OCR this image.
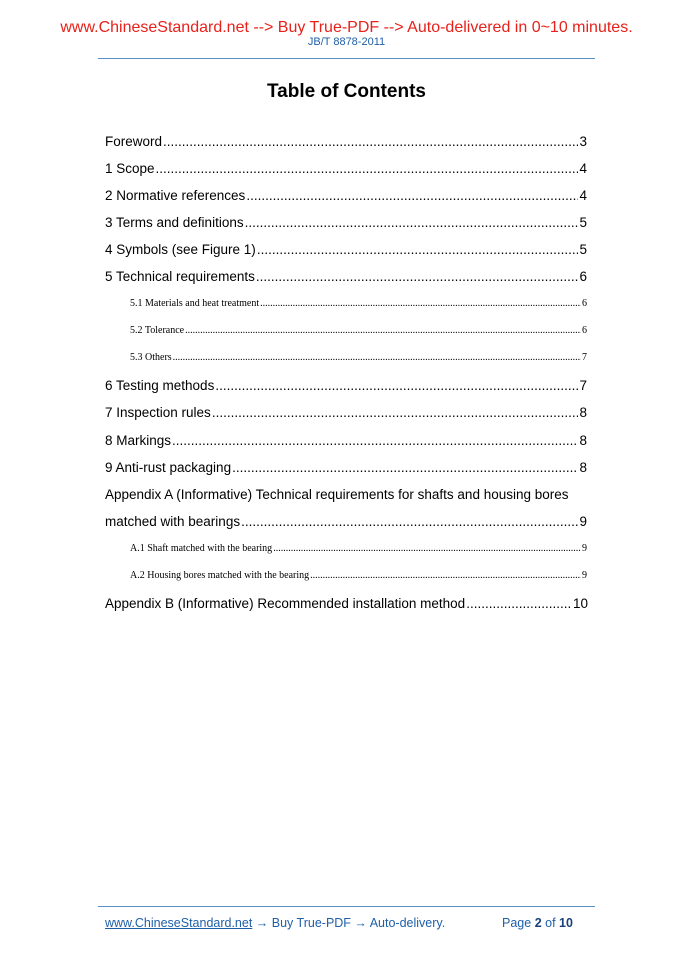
www.ChineseStandard.net --> Buy True-PDF --> Auto-delivered in 0~10 minutes.
JB/T 8878-2011
Table of Contents
Foreword .....	3
1 Scope .....	4
2 Normative references .....	4
3 Terms and definitions .....	5
4 Symbols (see Figure 1) .....	5
5 Technical requirements .....	6
5.1 Materials and heat treatment .....	6
5.2 Tolerance .....	6
5.3 Others .....	7
6 Testing methods .....	7
7 Inspection rules .....	8
8 Markings .....	8
9 Anti-rust packaging .....	8
Appendix A (Informative) Technical requirements for shafts and housing bores
matched with bearings .....	9
A.1 Shaft matched with the bearing .....	9
A.2 Housing bores matched with the bearing .....	9
Appendix B (Informative) Recommended installation method .....	10
www.ChineseStandard.net → Buy True-PDF → Auto-delivery.	Page 2 of 10
